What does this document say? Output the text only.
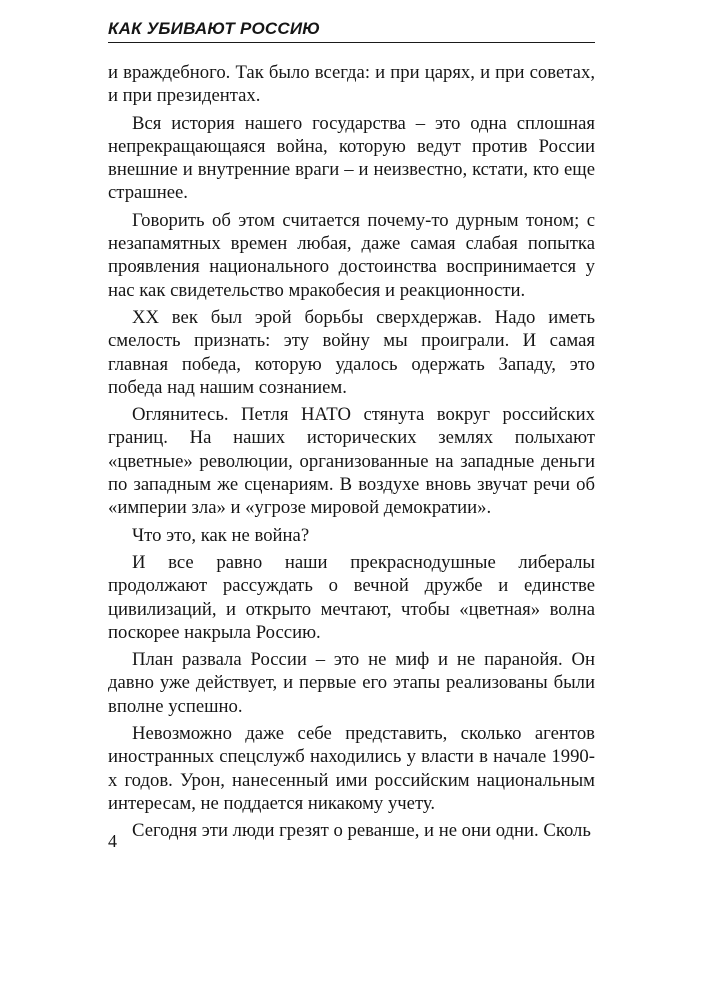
КАК УБИВАЮТ РОССИЮ

и враждебного. Так было всегда: и при царях, и при советах, и при президентах.

Вся история нашего государства – это одна сплошная непрекращающаяся война, которую ведут против России внешние и внутренние враги – и неизвестно, кстати, кто еще страшнее.

Говорить об этом считается почему-то дурным тоном; с незапамятных времен любая, даже самая слабая попытка проявления национального достоинства воспринимается у нас как свидетельство мракобесия и реакционности.

XX век был эрой борьбы сверхдержав. Надо иметь смелость признать: эту войну мы проиграли. И самая главная победа, которую удалось одержать Западу, это победа над нашим сознанием.

Оглянитесь. Петля НАТО стянута вокруг российских границ. На наших исторических землях полыхают «цветные» революции, организованные на западные деньги по западным же сценариям. В воздухе вновь звучат речи об «империи зла» и «угрозе мировой демократии».

Что это, как не война?

И все равно наши прекраснодушные либералы продолжают рассуждать о вечной дружбе и единстве цивилизаций, и открыто мечтают, чтобы «цветная» волна поскорее накрыла Россию.

План развала России – это не миф и не паранойя. Он давно уже действует, и первые его этапы реализованы были вполне успешно.

Невозможно даже себе представить, сколько агентов иностранных спецслужб находились у власти в начале 1990-х годов. Урон, нанесенный ими российским национальным интересам, не поддается никакому учету.

Сегодня эти люди грезят о реванше, и не они одни. Сколь

4
